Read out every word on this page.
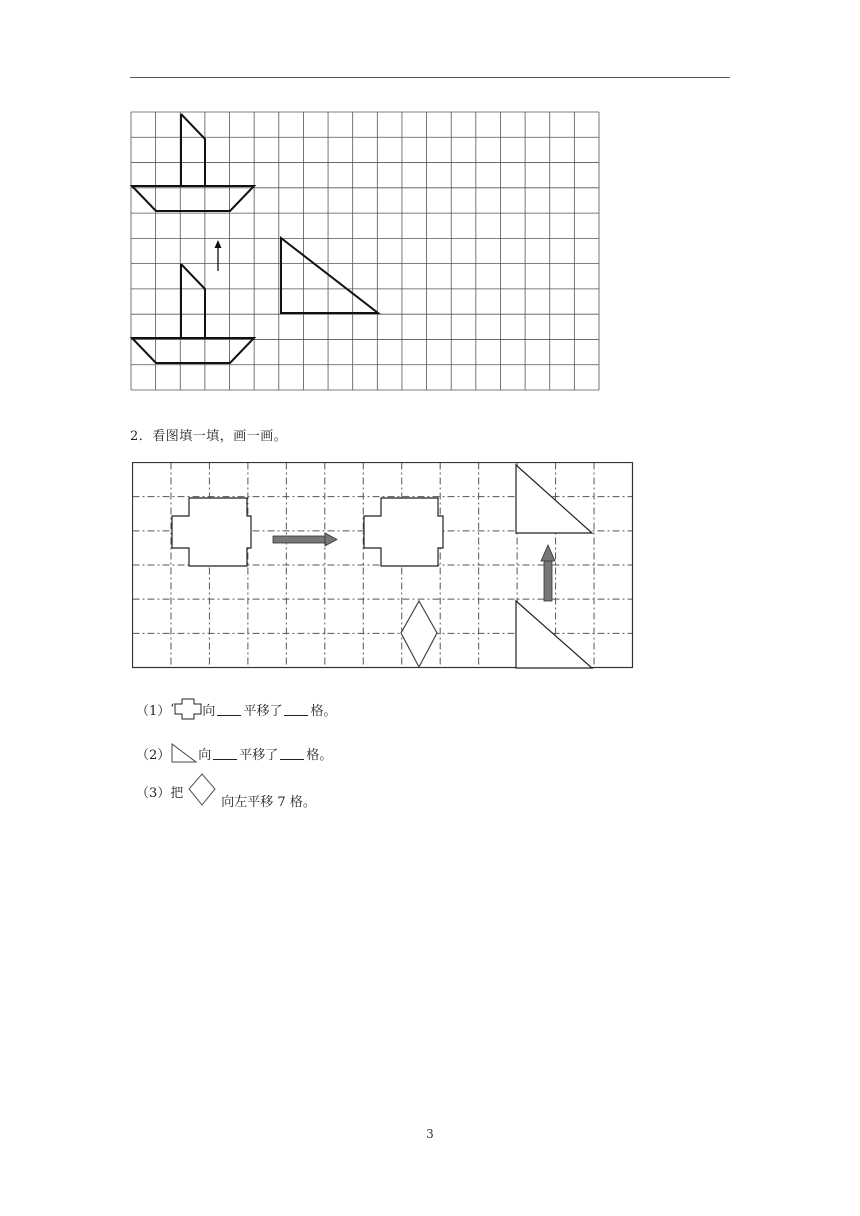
2．看图填一填，画一画。
（1） ‘ 向 平移了 格。
（2） 向 平移了 格。
（3） 把
向左平移 7 格。
3
